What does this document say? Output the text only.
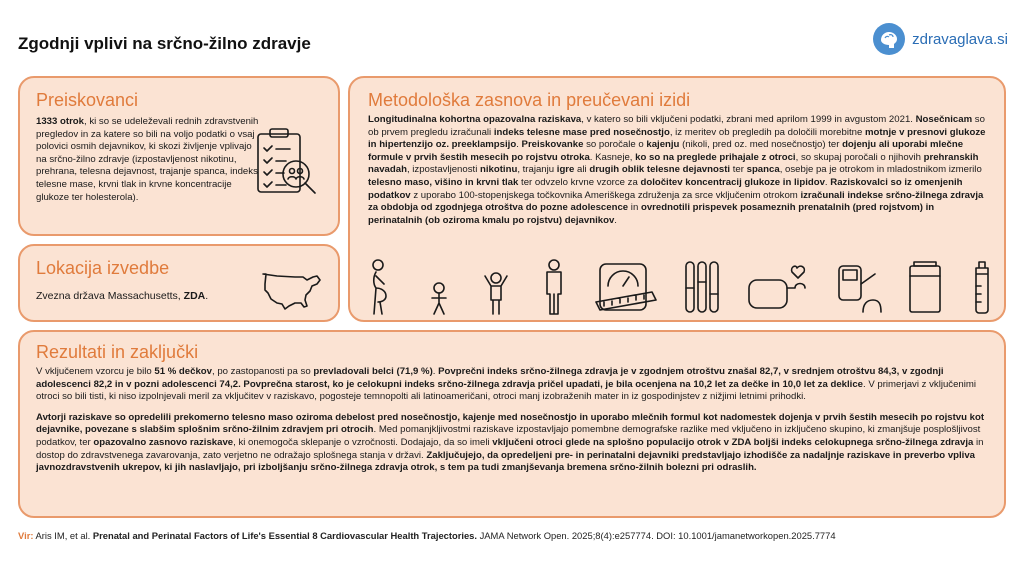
Zgodnji vplivi na srčno-žilno zdravje	zdravaglava.si
Preiskovanci
1333 otrok, ki so se udeleževali rednih zdravstvenih pregledov in za katere so bili na voljo podatki o vsaj polovici osmih dejavnikov, ki skozi življenje vplivajo na srčno-žilno zdravje (izpostavljenost nikotinu, prehrana, telesna dejavnost, trajanje spanca, indeks telesne mase, krvni tlak in krvne koncentracije glukoze ter holesterola).
Lokacija izvedbe
Zvezna država Massachusetts, ZDA.
Metodološka zasnova in preučevani izidi
Longitudinalna kohortna opazovalna raziskava, v katero so bili vključeni podatki, zbrani med aprilom 1999 in avgustom 2021. Nosečnicam so ob prvem pregledu izračunali indeks telesne mase pred nosečnostjo, iz meritev ob pregledih pa določili morebitne motnje v presnovi glukoze in hipertenzijo oz. preeklampsijo. Preiskovanke so poročale o kajenju (nikoli, pred oz. med nosečnostjo) ter dojenju ali uporabi mlečne formule v prvih šestih mesecih po rojstvu otroka. Kasneje, ko so na preglede prihajale z otroci, so skupaj poročali o njihovih prehranskih navadah, izpostavljenosti nikotinu, trajanju igre ali drugih oblik telesne dejavnosti ter spanca, osebje pa je otrokom in mladostnikom izmerilo telesno maso, višino in krvni tlak ter odvzelo krvne vzorce za določitev koncentracij glukoze in lipidov. Raziskovalci so iz omenjenih podatkov z uporabo 100-stopenjskega točkovnika Ameriškega združenja za srce vključenim otrokom izračunali indekse srčno-žilnega zdravja za obdobja od zgodnjega otroštva do pozne adolescence in ovrednotili prispevek posameznih prenatalnih (pred rojstvom) in perinatalnih (ob oziroma kmalu po rojstvu) dejavnikov.
Rezultati in zaključki

V vključenem vzorcu je bilo 51 % dečkov, po zastopanosti pa so prevladovali belci (71,9 %). Povprečni indeks srčno-žilnega zdravja je v zgodnjem otroštvu znašal 82,7, v srednjem otroštvu 84,3, v zgodnji adolescenci 82,2 in v pozni adolescenci 74,2. Povprečna starost, ko je celokupni indeks srčno-žilnega zdravja pričel upadati, je bila ocenjena na 10,2 let za dečke in 10,0 let za deklice. V primerjavi z vključenimi otroci so bili tisti, ki niso izpolnjevali meril za vključitev v raziskavo, pogosteje temnopolti ali latinoameričani, otroci manj izobraženih mater in iz gospodinjstev z nižjimi letnimi prihodki.

Avtorji raziskave so opredelili prekomerno telesno maso oziroma debelost pred nosečnostjo, kajenje med nosečnostjo in uporabo mlečnih formul kot nadomestek dojenja v prvih šestih mesecih po rojstvu kot dejavnike, povezane s slabšim splošnim srčno-žilnim zdravjem pri otrocih. Med pomanjkljivostmi raziskave izpostavljajo pomembne demografske razlike med vključeno in izključeno skupino, ki zmanjšuje posplošljivost podatkov, ter opazovalno zasnovo raziskave, ki onemogoča sklepanje o vzročnosti. Dodajajo, da so imeli vključeni otroci glede na splošno populacijo otrok v ZDA boljši indeks celokupnega srčno-žilnega zdravja in dostop do zdravstvenega zavarovanja, zato verjetno ne odražajo splošnega stanja v državi. Zaključujejo, da opredeljeni pre- in perinatalni dejavniki predstavljajo izhodišče za nadaljnje raziskave in preverbo vpliva javnozdravstvenih ukrepov, ki jih naslavljajo, pri izboljšanju srčno-žilnega zdravja otrok, s tem pa tudi zmanjševanja bremena srčno-žilnih bolezni pri odraslih.

Vir: Aris IM, et al. Prenatal and Perinatal Factors of Life's Essential 8 Cardiovascular Health Trajectories. JAMA Network Open. 2025;8(4):e257774. DOI: 10.1001/jamanetworkopen.2025.7774
